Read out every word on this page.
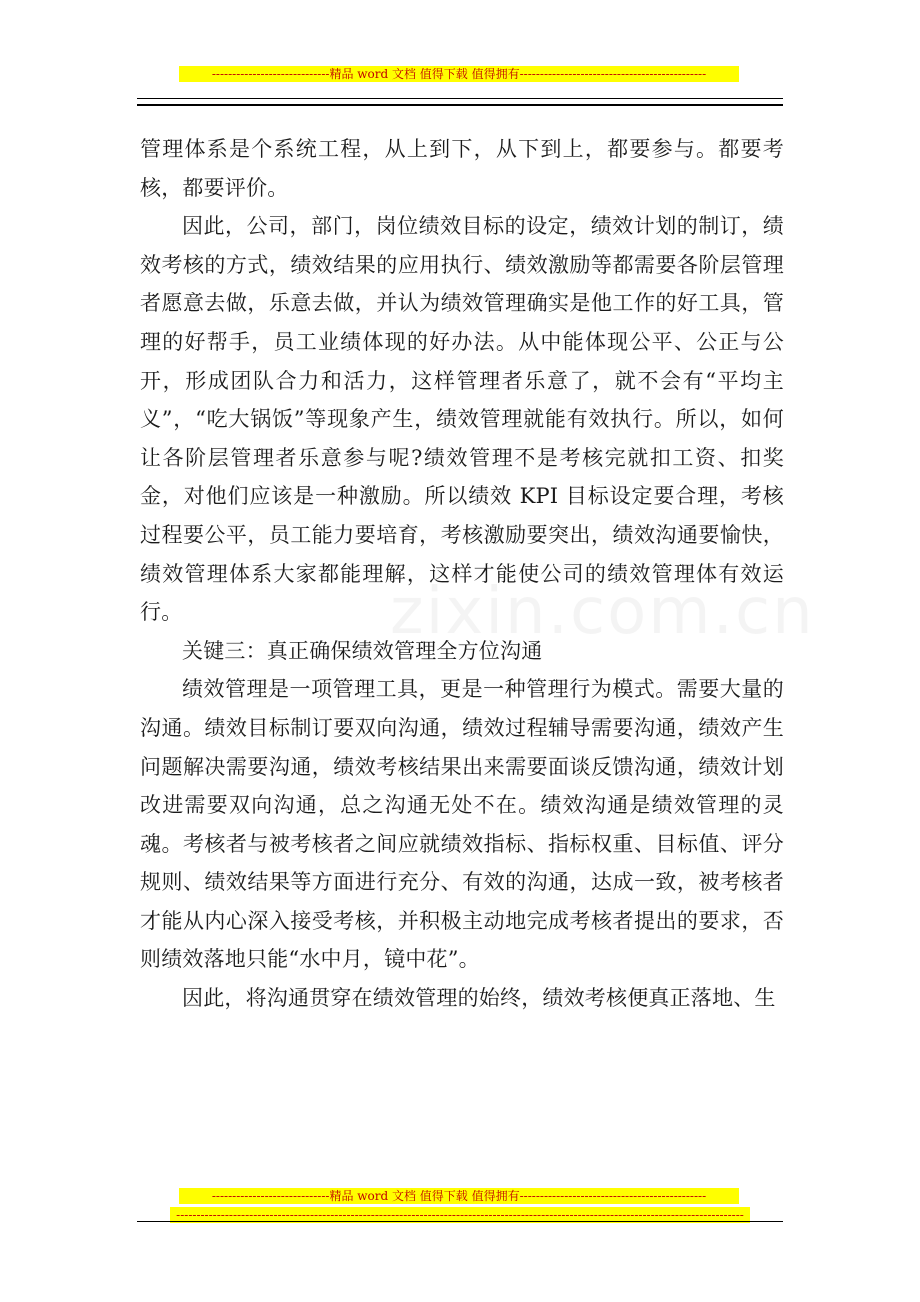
-----------------------------精品 word 文档 值得下载 值得拥有----------------------------------------------

管理体系是个系统工程，从上到下，从下到上，都要参与。都要考核，都要评价。

因此，公司，部门，岗位绩效目标的设定，绩效计划的制订，绩效考核的方式，绩效结果的应用执行、绩效激励等都需要各阶层管理者愿意去做，乐意去做，并认为绩效管理确实是他工作的好工具，管理的好帮手，员工业绩体现的好办法。从中能体现公平、公正与公开，形成团队合力和活力，这样管理者乐意了，就不会有“平均主义”，“吃大锅饭”等现象产生，绩效管理就能有效执行。所以，如何让各阶层管理者乐意参与呢?绩效管理不是考核完就扣工资、扣奖金，对他们应该是一种激励。所以绩效 KPI 目标设定要合理，考核过程要公平，员工能力要培育，考核激励要突出，绩效沟通要愉快，绩效管理体系大家都能理解，这样才能使公司的绩效管理体有效运行。

关键三：真正确保绩效管理全方位沟通

绩效管理是一项管理工具，更是一种管理行为模式。需要大量的沟通。绩效目标制订要双向沟通，绩效过程辅导需要沟通，绩效产生问题解决需要沟通，绩效考核结果出来需要面谈反馈沟通，绩效计划改进需要双向沟通，总之沟通无处不在。绩效沟通是绩效管理的灵魂。考核者与被考核者之间应就绩效指标、指标权重、目标值、评分规则、绩效结果等方面进行充分、有效的沟通，达成一致，被考核者才能从内心深入接受考核，并积极主动地完成考核者提出的要求，否则绩效落地只能“水中月，镜中花”。

因此，将沟通贯穿在绩效管理的始终，绩效考核便真正落地、生

-----------------------------精品 word 文档 值得下载 值得拥有----------------------------------------------
--------------------------------------------------------------------------------------------------------------------------------------------
